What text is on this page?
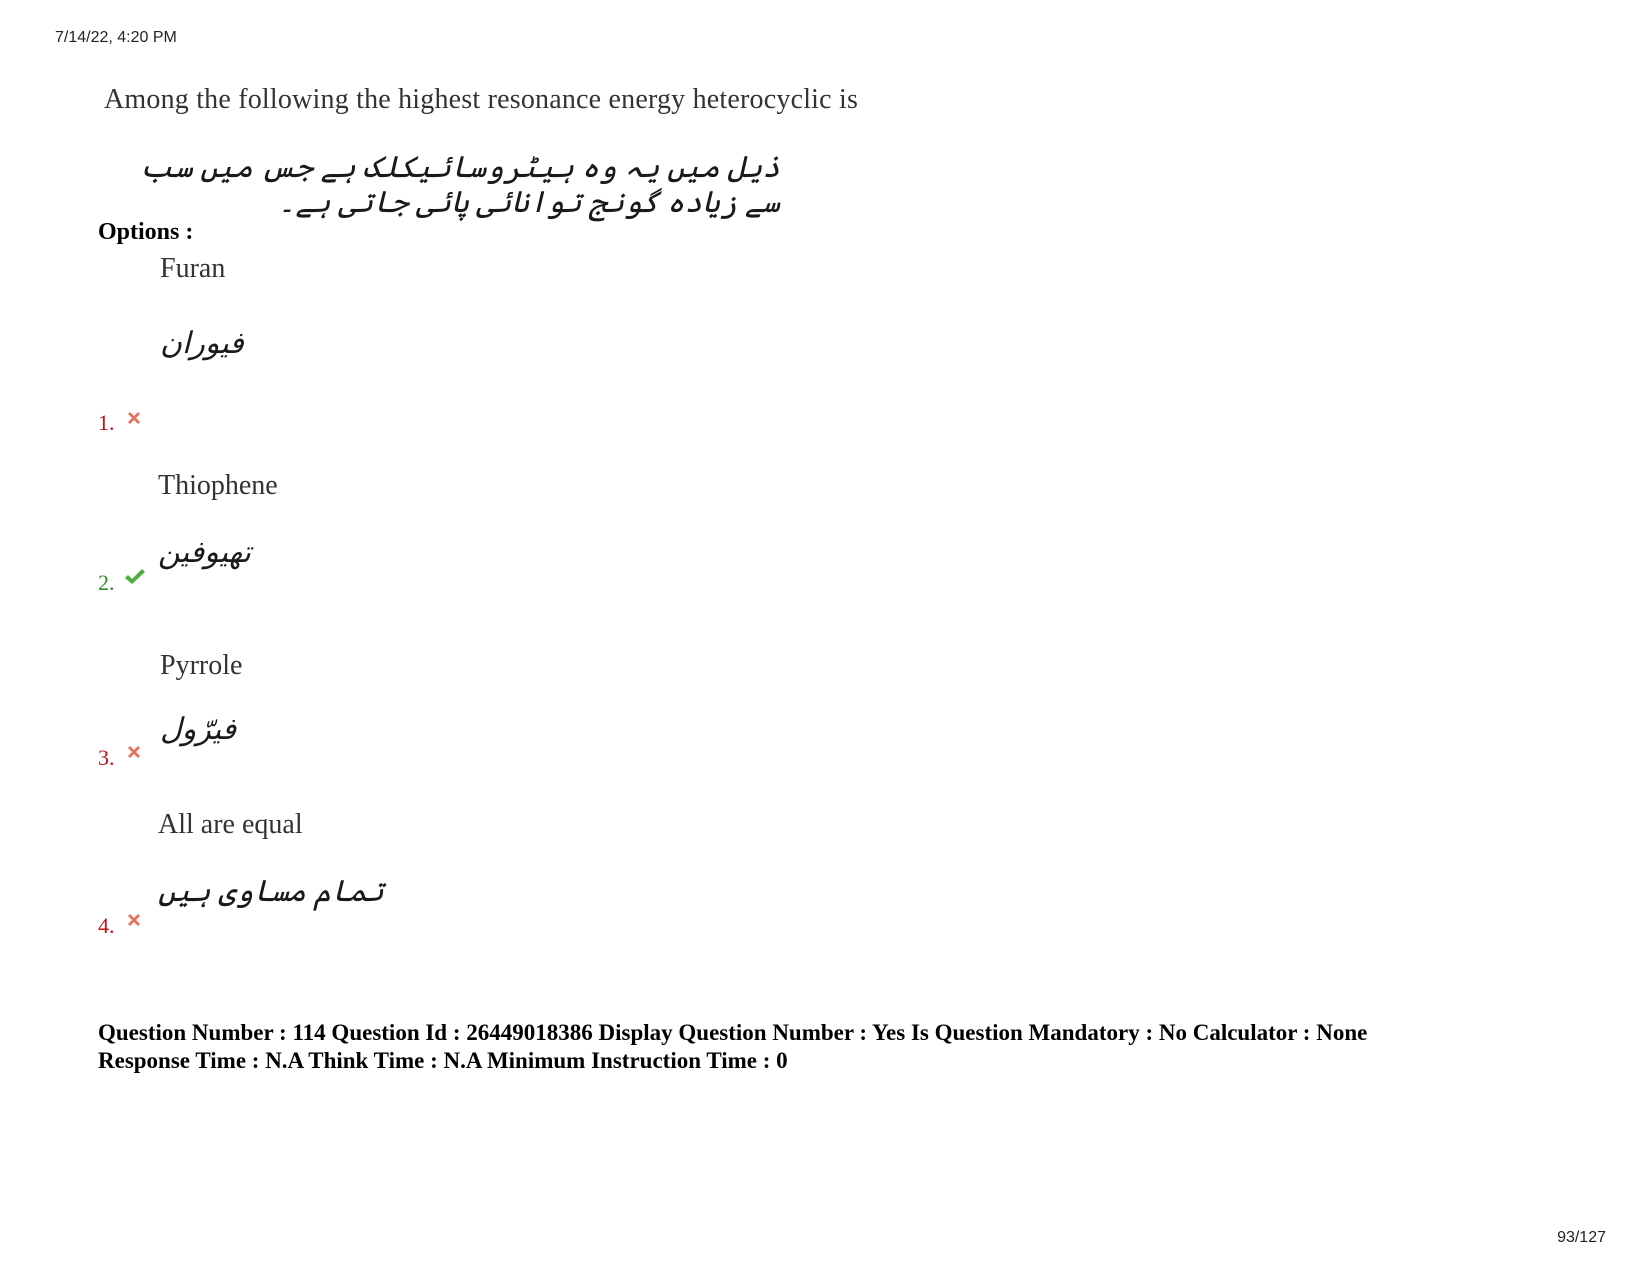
7/14/22, 4:20 PM
Among the following the highest resonance energy heterocyclic is
ذیل میں یہ وہ ہیٹروسائیکلک ہے جس میں سب سے زیادہ گونج توانائی پائی جاتی ہے۔
Options :
Furan
فیوران
1.
Thiophene
تھیوفین
2.
Pyrrole
فیرّول
3.
All are equal
تمام مساوی ہیں
4.
Question Number : 114 Question Id : 26449018386 Display Question Number : Yes Is Question Mandatory : No Calculator : None
Response Time : N.A Think Time : N.A Minimum Instruction Time : 0
93/127
